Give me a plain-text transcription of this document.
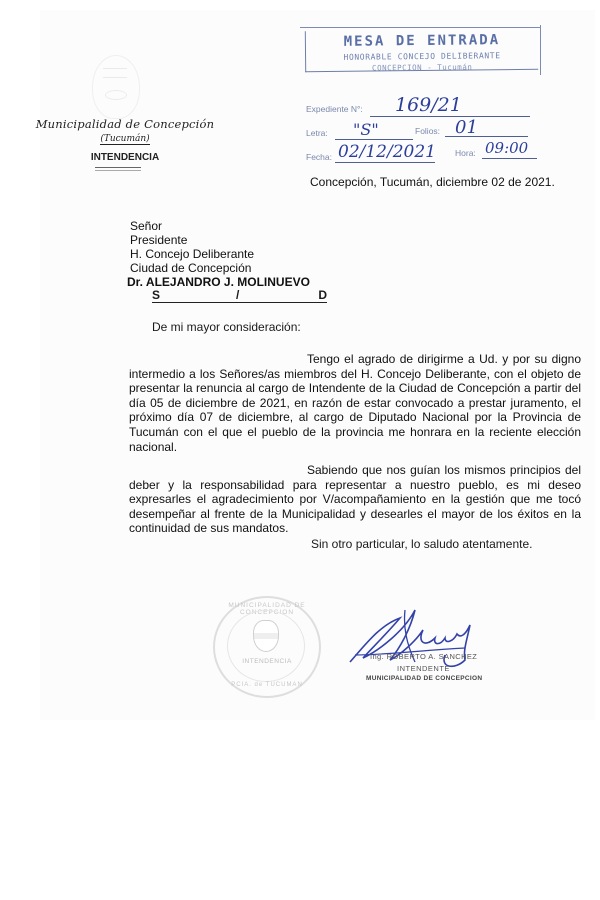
Municipalidad de Concepción
(Tucumán)
INTENDENCIA
MESA DE ENTRADA
HONORABLE CONCEJO DELIBERANTE
CONCEPCION - Tucumán
Expediente N°: 169/21
Letra: "S"	Folios: 01
Fecha: 02/12/2021 Hora: 09:00
Concepción, Tucumán, diciembre 02 de 2021.
Señor
Presidente
H. Concejo Deliberante
Ciudad de Concepción
Dr. ALEJANDRO J. MOLINUEVO
S	/	D
De mi mayor consideración:
Tengo el agrado de dirigirme a Ud. y por su digno intermedio a los Señores/as miembros del H. Concejo Deliberante, con el objeto de presentar la renuncia al cargo de Intendente de la Ciudad de Concepción a partir del día 05 de diciembre de 2021, en razón de estar convocado a prestar juramento, el próximo día 07 de diciembre, al cargo de Diputado Nacional por la Provincia de Tucumán con el que el pueblo de la provincia me honrara en la reciente elección nacional.
Sabiendo que nos guían los mismos principios del deber y la responsabilidad para representar a nuestro pueblo, es mi deseo expresarles el agradecimiento por V/acompañamiento en la gestión que me tocó desempeñar al frente de la Municipalidad y desearles el mayor de los éxitos en la continuidad de sus mandatos.
Sin otro particular, lo saludo atentamente.
MUNICIPALIDAD DE CONCEPCION
INTENDENCIA
PCIA. de TUCUMAN
Ing. ROBERTO A. SANCHEZ
INTENDENTE
MUNICIPALIDAD DE CONCEPCION
